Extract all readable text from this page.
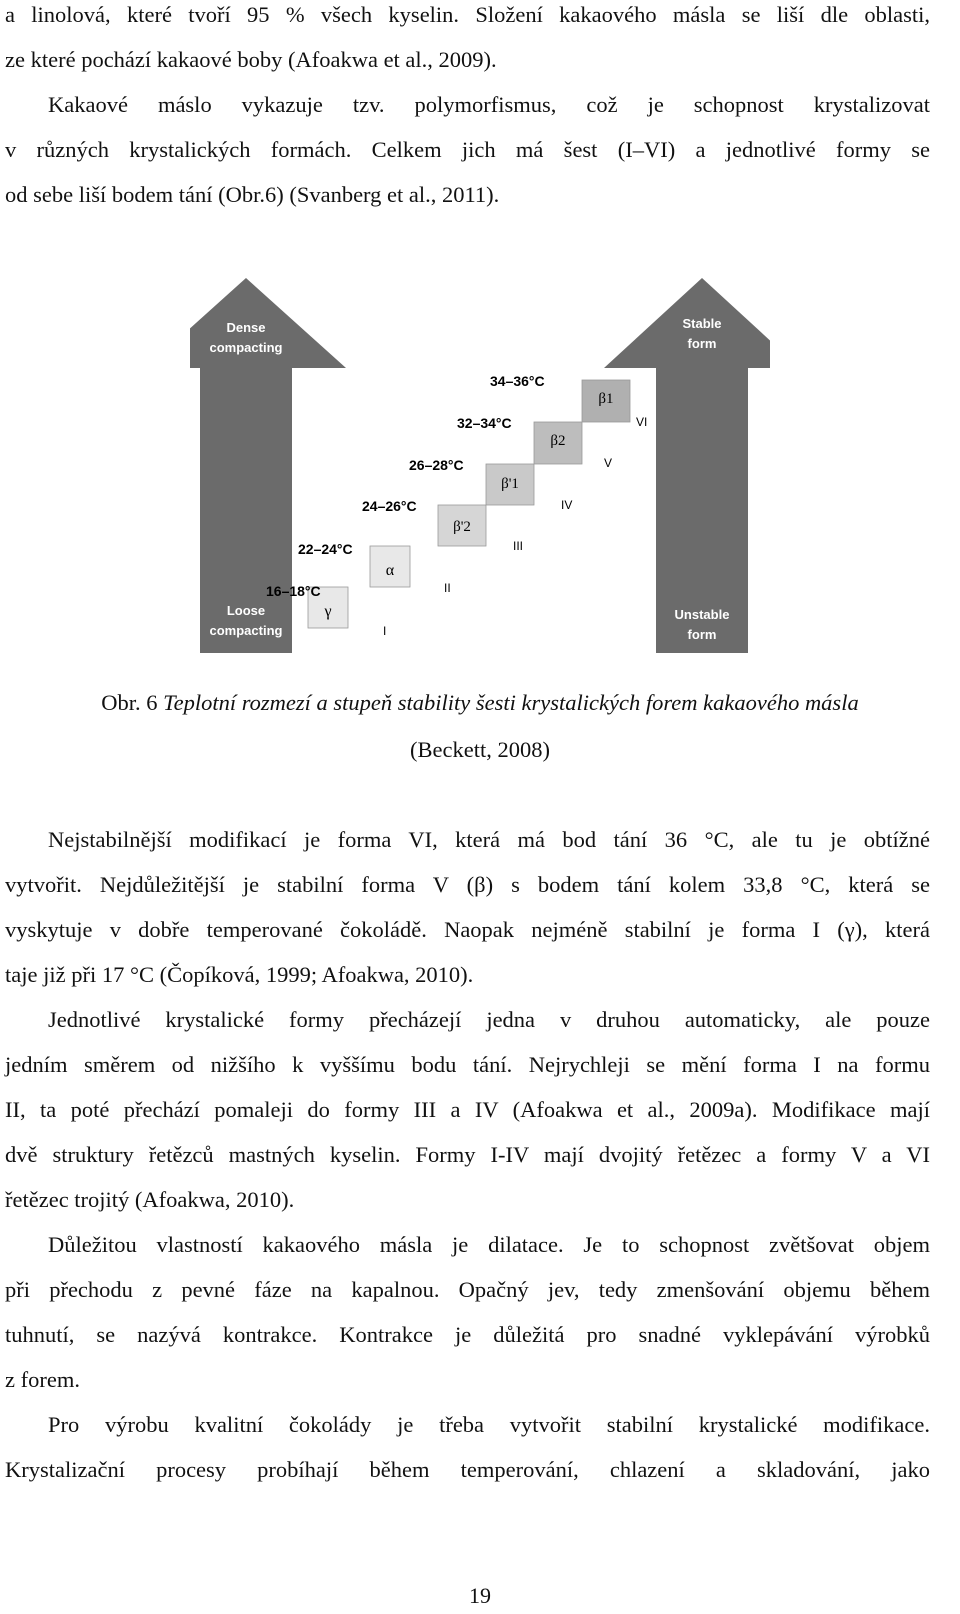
a linolová, které tvoří 95 % všech kyselin. Složení kakaového másla se liší dle oblasti,

ze které pochází kakaové boby (Afoakwa et al., 2009).

Kakaové máslo vykazuje tzv. polymorfismus, což je schopnost krystalizovat

v různých krystalických formách. Celkem jich má šest (I–VI) a jednotlivé formy se

od sebe liší bodem tání (Obr.6) (Svanberg et al., 2011).

Dense
compacting
Loose
compacting
Stable
form
Unstable
form
γ
16–18°C
I
α
22–24°C
II
β'2
24–26°C
III
β'1
26–28°C
IV
β2
32–34°C
V
β1
34–36°C
VI

Obr. 6 Teplotní rozmezí a stupeň stability šesti krystalických forem kakaového másla

(Beckett, 2008)

Nejstabilnější modifikací je forma VI, která má bod tání 36 °C, ale tu je obtížné

vytvořit. Nejdůležitější je stabilní forma V (β) s bodem tání kolem 33,8 °C, která se

vyskytuje v dobře temperované čokoládě. Naopak nejméně stabilní je forma I (γ), která

taje již při 17 °C (Čopíková, 1999; Afoakwa, 2010).

Jednotlivé krystalické formy přecházejí jedna v druhou automaticky, ale pouze

jedním směrem od nižšího k vyššímu bodu tání. Nejrychleji se mění forma I na formu

II, ta poté přechází pomaleji do formy III a IV (Afoakwa et al., 2009a). Modifikace mají

dvě struktury řetězců mastných kyselin. Formy I-IV mají dvojitý řetězec a formy V a VI

řetězec trojitý (Afoakwa, 2010).

Důležitou vlastností kakaového másla je dilatace. Je to schopnost zvětšovat objem

při přechodu z pevné fáze na kapalnou. Opačný jev, tedy zmenšování objemu během

tuhnutí, se nazývá kontrakce. Kontrakce je důležitá pro snadné vyklepávání výrobků

z forem.

Pro výrobu kvalitní čokolády je třeba vytvořit stabilní krystalické modifikace.

Krystalizační procesy probíhají během temperování, chlazení a skladování, jako

19
